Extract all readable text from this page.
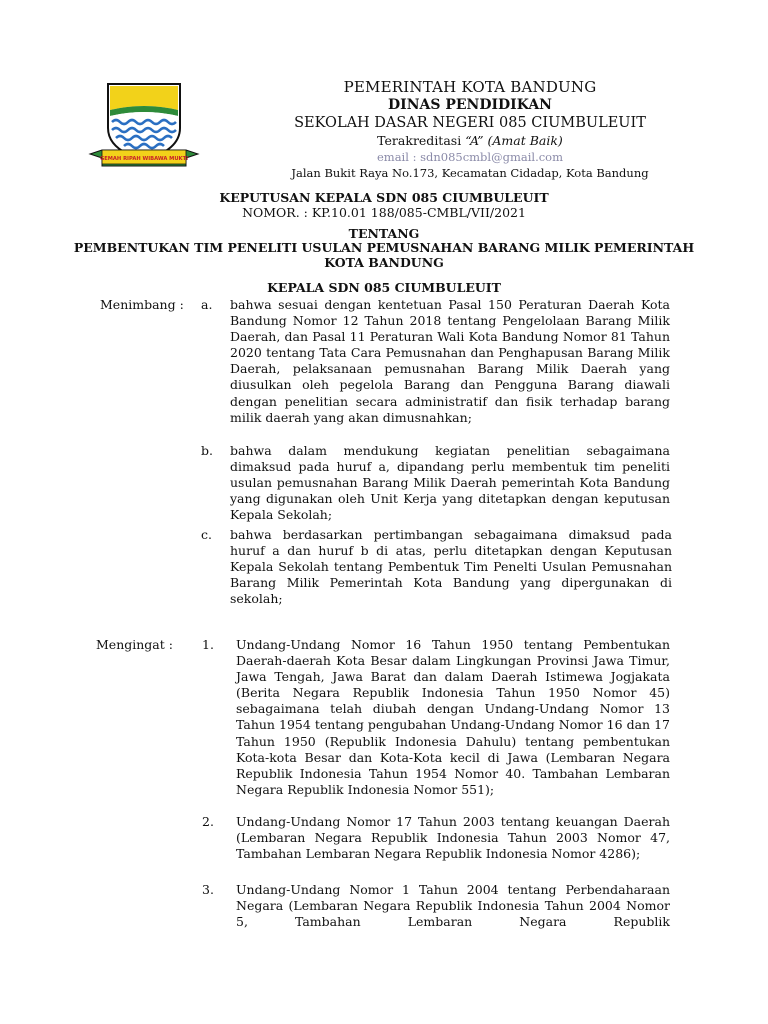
GEMAH RIPAH WIBAWA MUKTI
PEMERINTAH KOTA BANDUNG
DINAS PENDIDIKAN
SEKOLAH DASAR NEGERI 085 CIUMBULEUIT
Terakreditasi “A” (Amat Baik)
email : sdn085cmbl@gmail.com
Jalan Bukit Raya No.173, Kecamatan Cidadap, Kota Bandung
KEPUTUSAN KEPALA SDN 085 CIUMBULEUIT
NOMOR. : KP.10.01 188/085-CMBL/VII/2021
TENTANG
PEMBENTUKAN TIM PENELITI USULAN PEMUSNAHAN BARANG MILIK PEMERINTAH
KOTA BANDUNG
KEPALA SDN 085 CIUMBULEUIT
Menimbang : a. bahwa sesuai dengan kentetuan Pasal 150 Peraturan Daerah Kota Bandung Nomor 12 Tahun 2018 tentang Pengelolaan Barang Milik Daerah, dan Pasal 11 Peraturan Wali Kota Bandung Nomor 81 Tahun 2020 tentang Tata Cara Pemusnahan dan Penghapusan Barang Milik Daerah, pelaksanaan pemusnahan Barang Milik Daerah yang diusulkan oleh pegelola Barang dan Pengguna Barang diawali dengan penelitian secara administratif dan fisik terhadap barang milik daerah yang akan dimusnahkan;
b. bahwa dalam mendukung kegiatan penelitian sebagaimana dimaksud pada huruf a, dipandang perlu membentuk tim peneliti usulan pemusnahan Barang Milik Daerah pemerintah Kota Bandung yang digunakan oleh Unit Kerja yang ditetapkan dengan keputusan Kepala Sekolah;
c. bahwa berdasarkan pertimbangan sebagaimana dimaksud pada huruf a dan huruf b di atas, perlu ditetapkan dengan Keputusan Kepala Sekolah tentang Pembentuk Tim Penelti Usulan Pemusnahan Barang Milik Pemerintah Kota Bandung yang dipergunakan di sekolah;
Mengingat : 1. Undang-Undang Nomor 16 Tahun 1950 tentang Pembentukan Daerah-daerah Kota Besar dalam Lingkungan Provinsi Jawa Timur, Jawa Tengah, Jawa Barat dan dalam Daerah Istimewa Jogjakata (Berita Negara Republik Indonesia Tahun 1950 Nomor 45) sebagaimana telah diubah dengan Undang-Undang Nomor 13 Tahun 1954 tentang pengubahan Undang-Undang Nomor 16 dan 17 Tahun 1950 (Republik Indonesia Dahulu) tentang pembentukan Kota-kota Besar dan Kota-Kota kecil di Jawa (Lembaran Negara Republik Indonesia Tahun 1954 Nomor 40. Tambahan Lembaran Negara Republik Indonesia Nomor 551);
2. Undang-Undang Nomor 17 Tahun 2003 tentang keuangan Daerah (Lembaran Negara Republik Indonesia Tahun 2003 Nomor 47, Tambahan Lembaran Negara Republik Indonesia Nomor 4286);
3. Undang-Undang Nomor 1 Tahun 2004 tentang Perbendaharaan Negara (Lembaran Negara Republik Indonesia Tahun 2004 Nomor 5, Tambahan Lembaran Negara Republik
